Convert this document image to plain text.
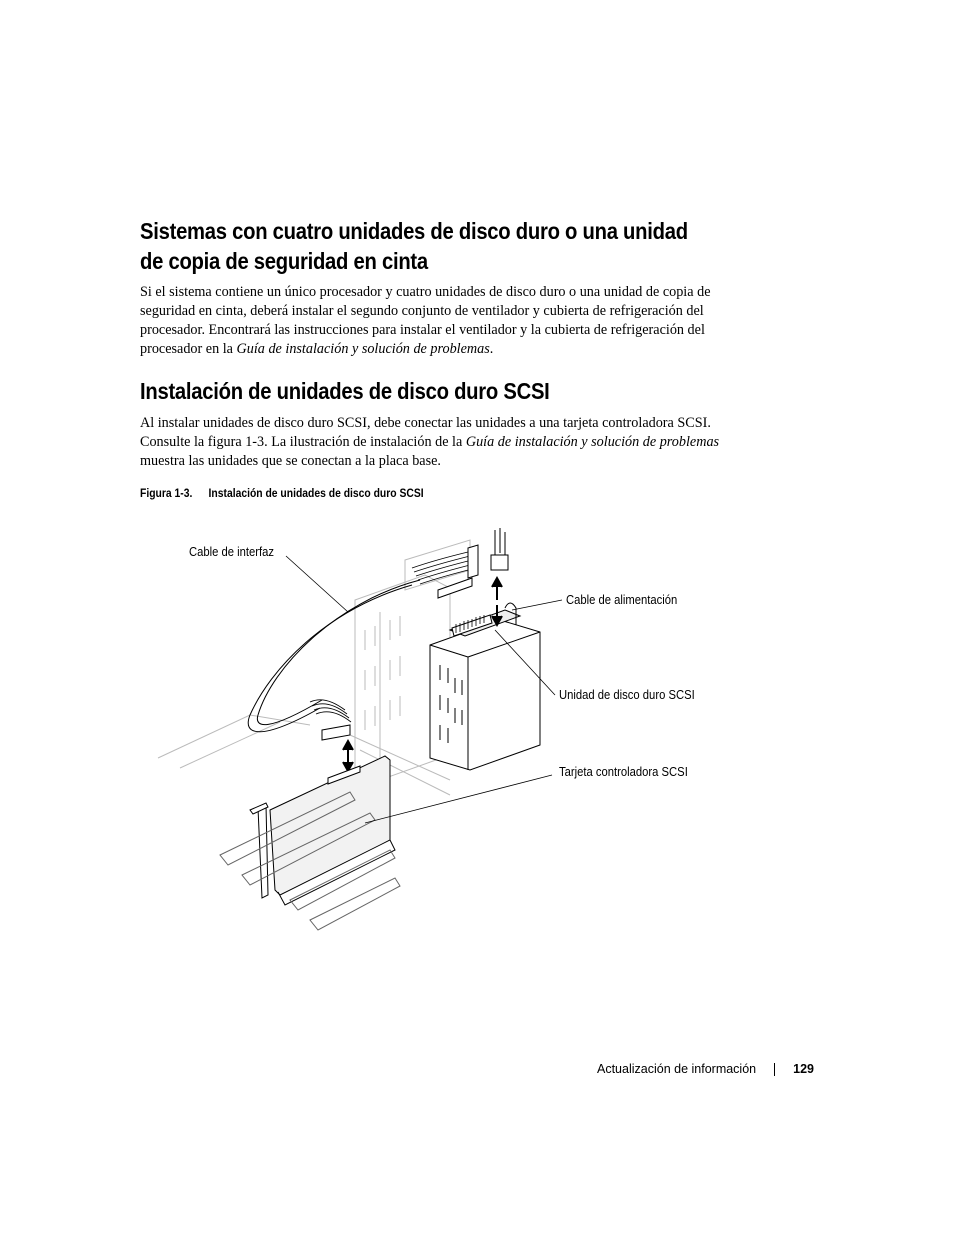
Sistemas con cuatro unidades de disco duro o una unidad de copia de seguridad en cinta

Si el sistema contiene un único procesador y cuatro unidades de disco duro o una unidad de copia de seguridad en cinta, deberá instalar el segundo conjunto de ventilador y cubierta de refrigeración del procesador. Encontrará las instrucciones para instalar el ventilador y la cubierta de refrigeración del procesador en la Guía de instalación y solución de problemas.

Instalación de unidades de disco duro SCSI

Al instalar unidades de disco duro SCSI, debe conectar las unidades a una tarjeta controladora SCSI. Consulte la figura 1-3. La ilustración de instalación de la Guía de instalación y solución de problemas muestra las unidades que se conectan a la placa base.

Figura 1-3. Instalación de unidades de disco duro SCSI
Cable de interfaz
Cable de alimentación
Unidad de disco duro SCSI
Tarjeta controladora SCSI
Actualización de información	129
